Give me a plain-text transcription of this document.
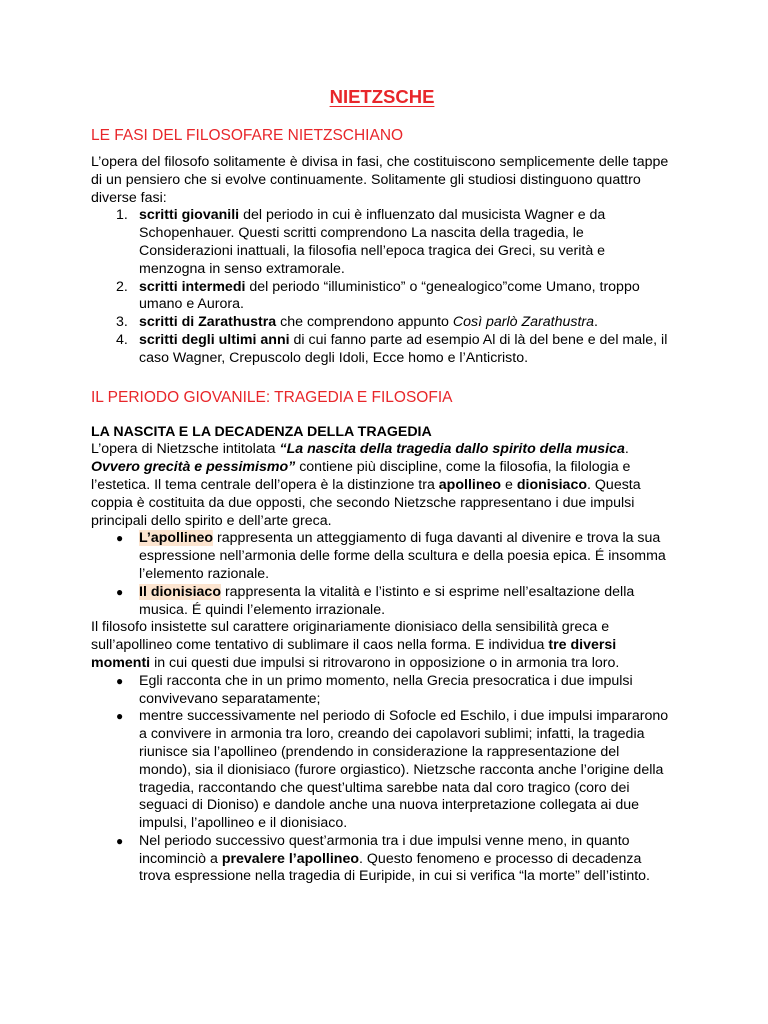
NIETZSCHE
LE FASI DEL FILOSOFARE NIETZSCHIANO

L’opera del filosofo solitamente è divisa in fasi, che costituiscono semplicemente delle tappe di un pensiero che si evolve continuamente. Solitamente gli studiosi distinguono quattro diverse fasi:

1. scritti giovanili del periodo in cui è influenzato dal musicista Wagner e da Schopenhauer. Questi scritti comprendono La nascita della tragedia, le Considerazioni inattuali, la filosofia nell’epoca tragica dei Greci, su verità e menzogna in senso extramorale.
2. scritti intermedi del periodo “illuministico” o “genealogico”come Umano, troppo umano e Aurora.
3. scritti di Zarathustra che comprendono appunto Così parlò Zarathustra.
4. scritti degli ultimi anni di cui fanno parte ad esempio Al di là del bene e del male, il caso Wagner, Crepuscolo degli Idoli, Ecce homo e l’Anticristo.
IL PERIODO GIOVANILE: TRAGEDIA E FILOSOFIA
LA NASCITA E LA DECADENZA DELLA TRAGEDIA

L’opera di Nietzsche intitolata “La nascita della tragedia dallo spirito della musica. Ovvero grecità e pessimismo” contiene più discipline, come la filosofia, la filologia e l’estetica. Il tema centrale dell’opera è la distinzione tra apollineo e dionisiaco. Questa coppia è costituita da due opposti, che secondo Nietzsche rappresentano i due impulsi principali dello spirito e dell’arte greca.

● L’apollineo rappresenta un atteggiamento di fuga davanti al divenire e trova la sua espressione nell’armonia delle forme della scultura e della poesia epica. É insomma l’elemento razionale.
● Il dionisiaco rappresenta la vitalità e l’istinto e si esprime nell’esaltazione della musica. É quindi l’elemento irrazionale.

Il filosofo insistette sul carattere originariamente dionisiaco della sensibilità greca e sull’apollineo come tentativo di sublimare il caos nella forma. E individua tre diversi momenti in cui questi due impulsi si ritrovarono in opposizione o in armonia tra loro.

● Egli racconta che in un primo momento, nella Grecia presocratica i due impulsi convivevano separatamente;
● mentre successivamente nel periodo di Sofocle ed Eschilo, i due impulsi impararono a convivere in armonia tra loro, creando dei capolavori sublimi; infatti, la tragedia riunisce sia l’apollineo (prendendo in considerazione la rappresentazione del mondo), sia il dionisiaco (furore orgiastico). Nietzsche racconta anche l’origine della tragedia, raccontando che quest’ultima sarebbe nata dal coro tragico (coro dei seguaci di Dioniso) e dandole anche una nuova interpretazione collegata ai due impulsi, l’apollineo e il dionisiaco.
● Nel periodo successivo quest’armonia tra i due impulsi venne meno, in quanto incominciò a prevalere l’apollineo. Questo fenomeno e processo di decadenza trova espressione nella tragedia di Euripide, in cui si verifica “la morte” dell’istinto.
